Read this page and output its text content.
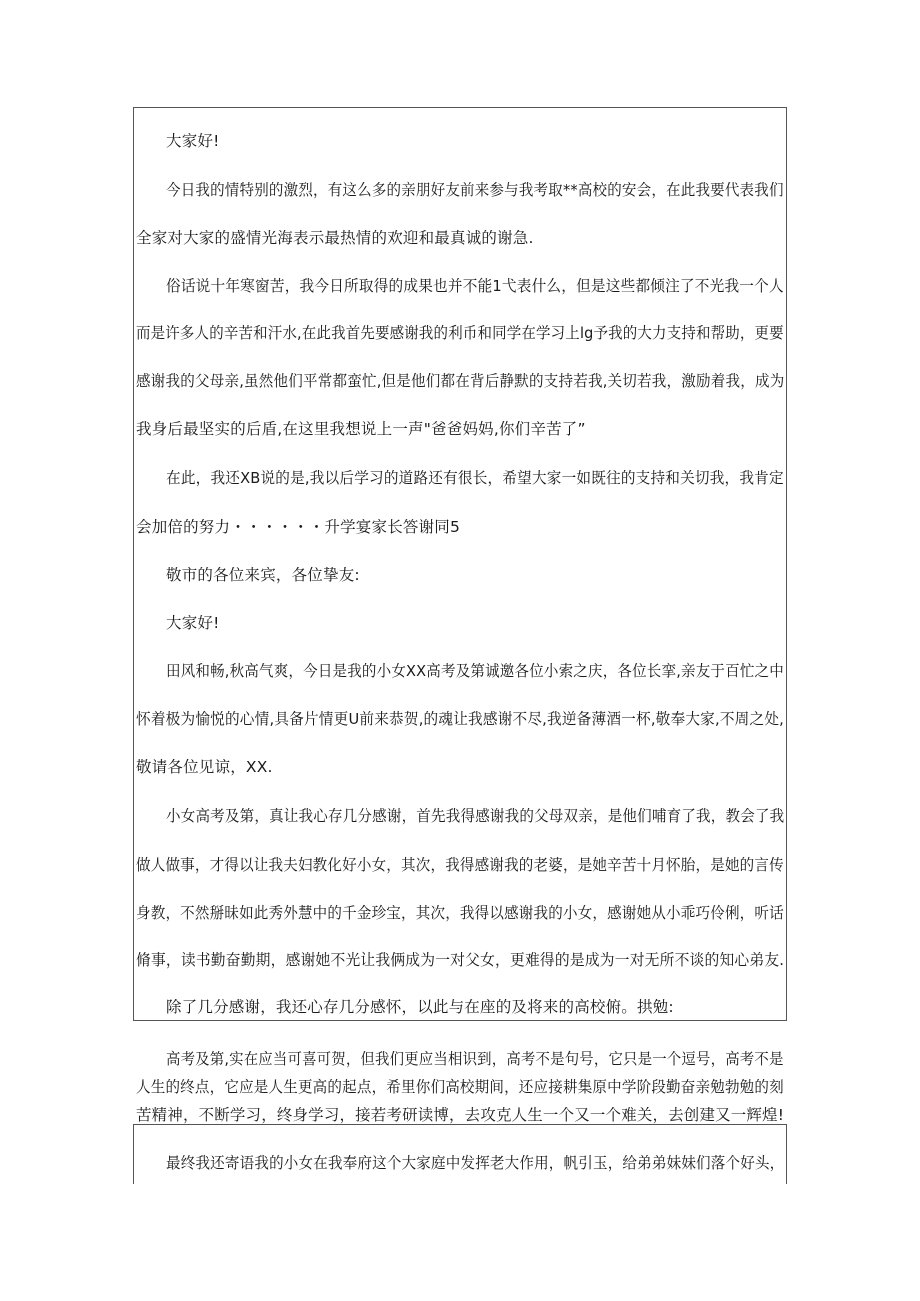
大家好!
今日我的情特别的激烈，有这么多的亲朋好友前来参与我考取**高校的安会，在此我要代表我们
全家对大家的盛情光海表示最热情的欢迎和最真诚的谢急.
俗话说十年寒窗苦，我今日所取得的成果也并不能1弋表什么，但是这些都倾注了不光我一个人
而是许多人的辛苦和汗水,在此我首先要感谢我的利币和同学在学习上lg予我的大力支持和帮助，更要
感谢我的父母亲,虽然他们平常都蛮忙,但是他们都在背后静默的支持若我,关切若我，激励着我，成为
我身后最坚实的后盾,在这里我想说上一声"爸爸妈妈,你们辛苦了”
在此，我还XB说的是,我以后学习的道路还有很长，希望大家一如既往的支持和关切我，我肯定
会加倍的努力・・・・・・升学宴家长答谢同5
敬市的各位来宾，各位挚友:
大家好!
田风和畅,秋高气爽，今日是我的小女XX高考及第诚邀各位小索之庆，各位长挛,亲友于百忙之中
怀着极为愉悦的心情,具备片情更U前来恭贺,的魂让我感谢不尽,我逆备薄酒一杯,敬奉大家,不周之处,
敬请各位见谅，XX.
小女高考及第，真让我心存几分感谢，首先我得感谢我的父母双亲，是他们哺育了我，教会了我
做人做事，才得以让我夫妇教化好小女，其次，我得感谢我的老婆，是她辛苦十月怀胎，是她的言传
身教，不然掰昧如此秀外慧中的千金珍宝，其次，我得以感谢我的小女，感谢她从小乖巧伶俐，听话
脩事，读书勤奋勤期，感谢她不光让我俩成为一对父女，更难得的是成为一对无所不谈的知心弟友.
除了几分感谢，我还心存几分感怀，以此与在座的及将来的高校俯。拱勉:
高考及第,实在应当可喜可贺，但我们更应当相识到，高考不是句号，它只是一个逗号，高考不是
人生的终点，它应是人生更高的起点，希里你们高校期间，还应接耕集原中学阶段勤奋亲勉勃勉的刻
苦精神，不断学习，终身学习，接若考研读博，去攻克人生一个又一个难关，去创建又一辉煌!
最终我还寄语我的小女在我奉府这个大家庭中发挥老大作用，帆引玉，给弟弟妹妹们落个好头，
